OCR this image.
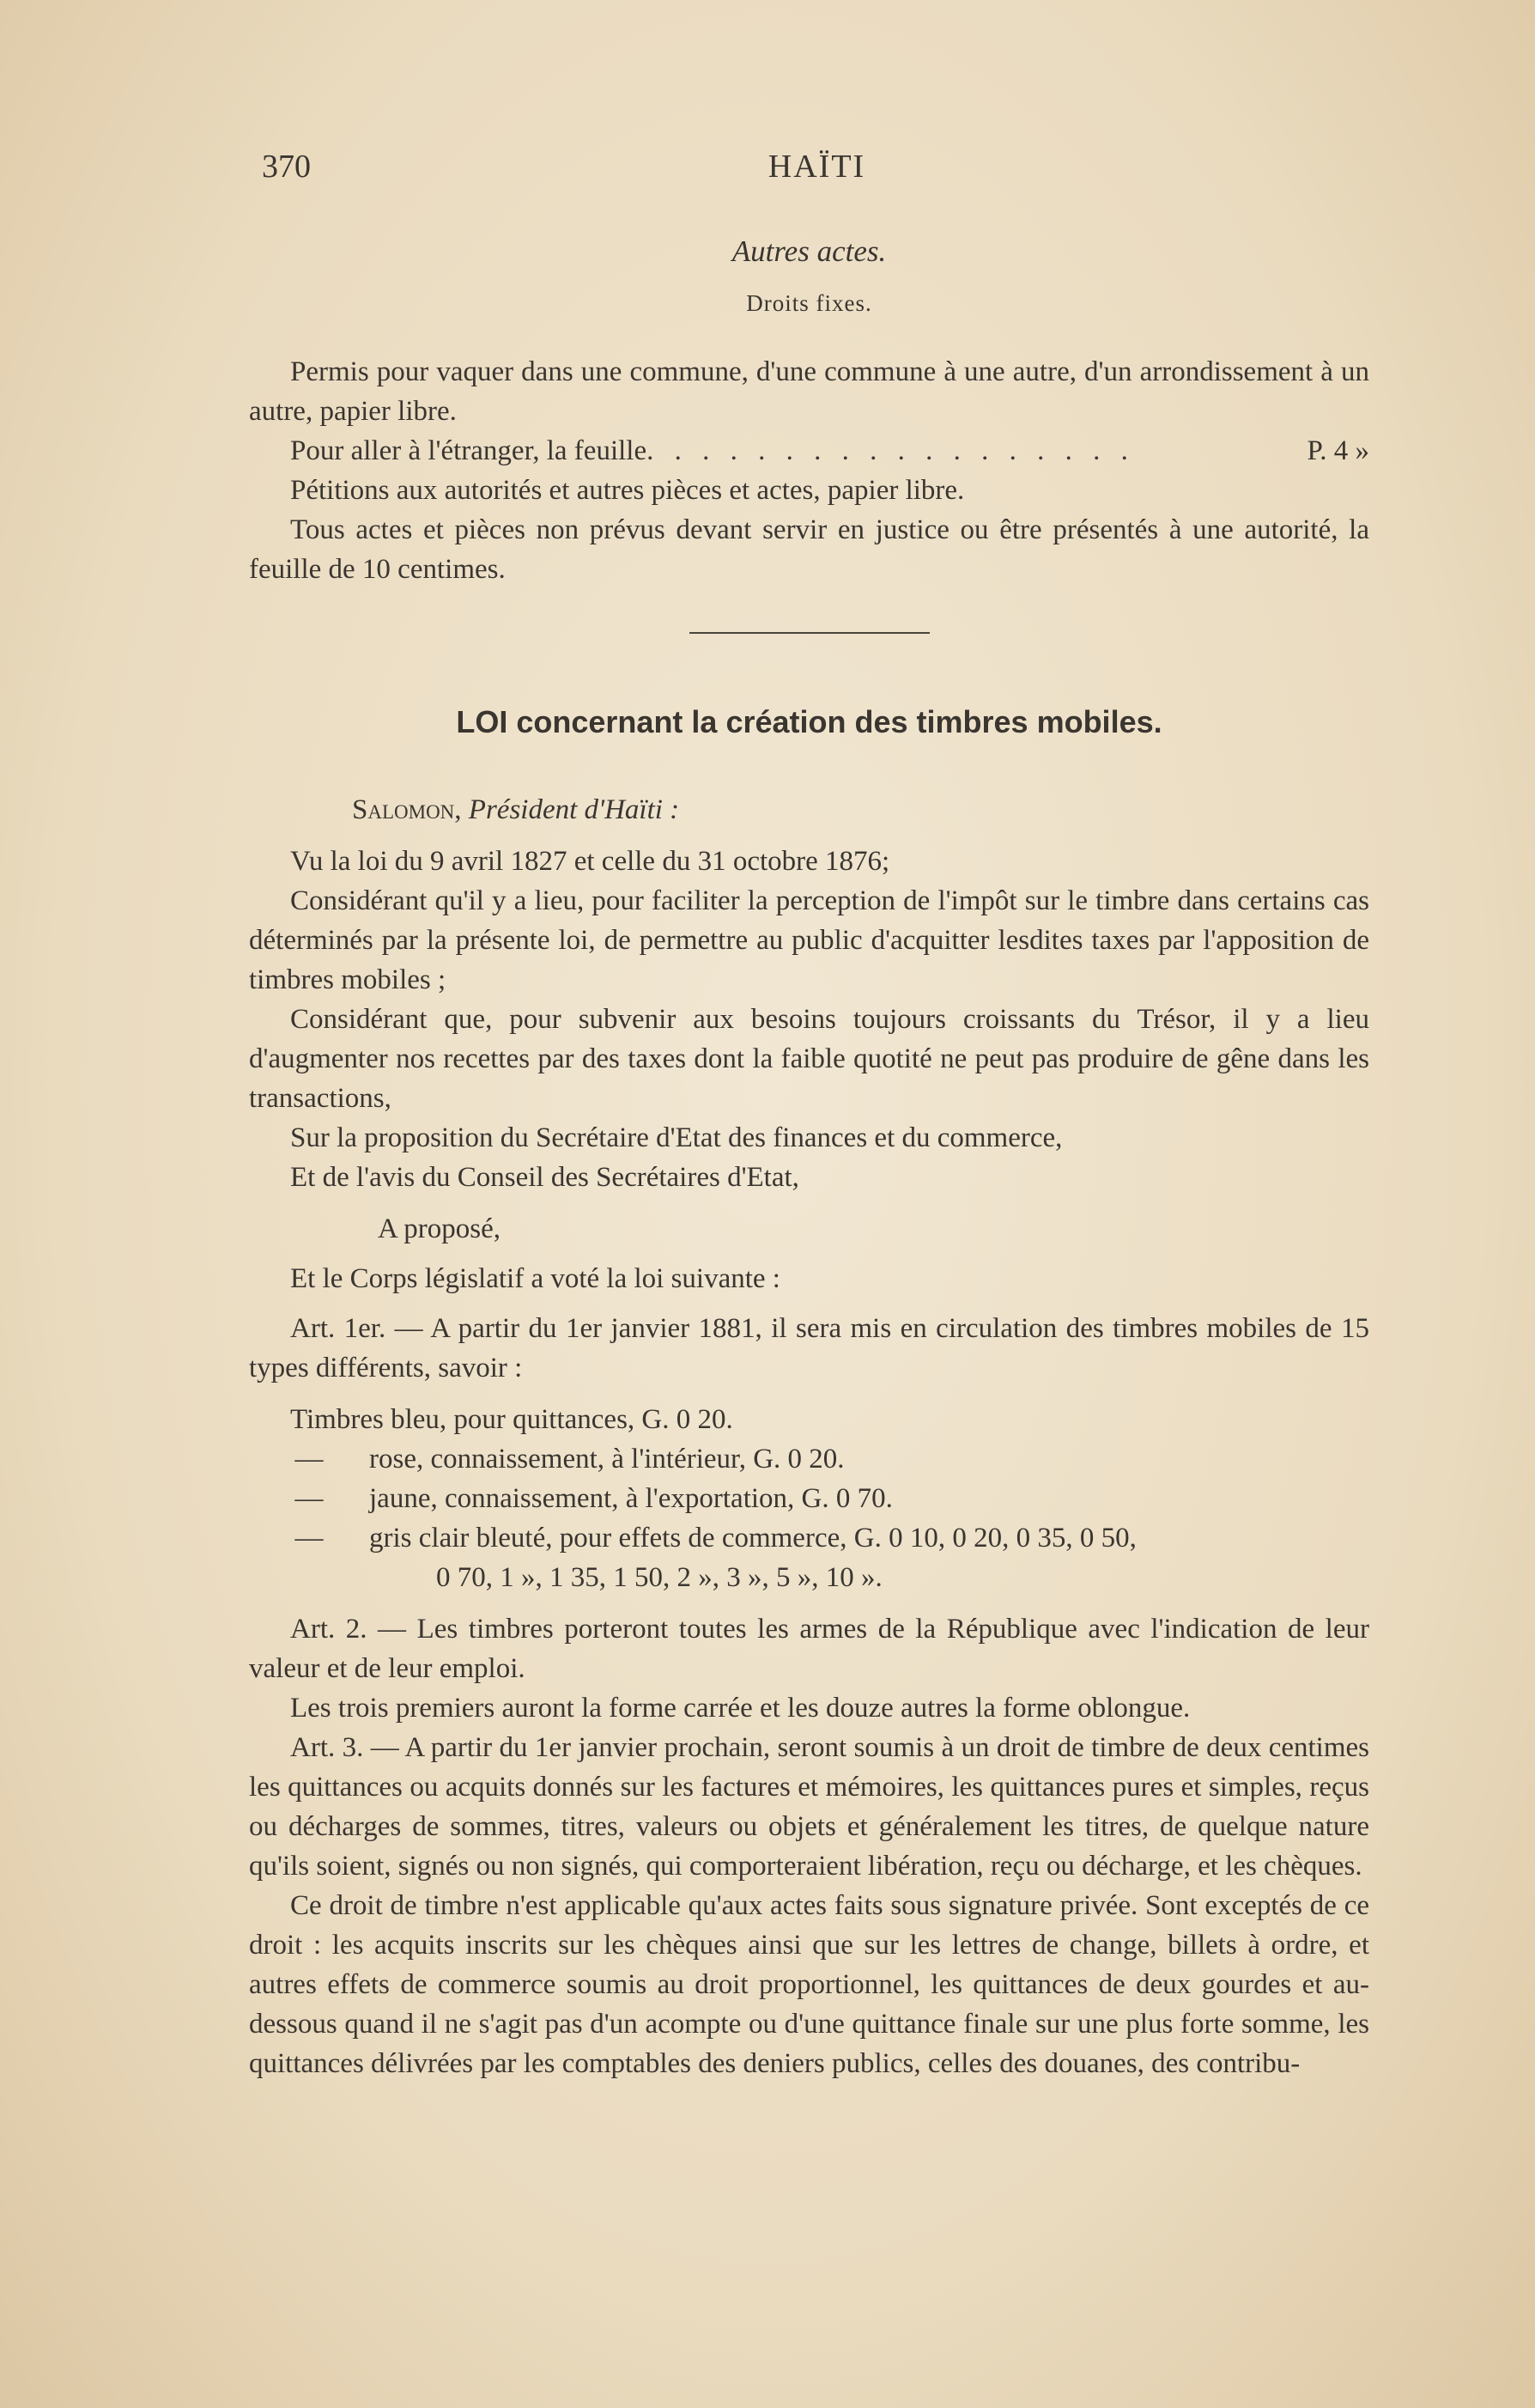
370	HAÏTI
Autres actes.
Droits fixes.

Permis pour vaquer dans une commune, d'une commune à une autre, d'un arrondissement à un autre, papier libre.

Pour aller à l'étranger, la feuille . . . . . . . . . . . . . . . . . .	P. 4 »

Pétitions aux autorités et autres pièces et actes, papier libre.

Tous actes et pièces non prévus devant servir en justice ou être présentés à une autorité, la feuille de 10 centimes.

LOI concernant la création des timbres mobiles.

Salomon, Président d'Haïti :

Vu la loi du 9 avril 1827 et celle du 31 octobre 1876;

Considérant qu'il y a lieu, pour faciliter la perception de l'impôt sur le timbre dans certains cas déterminés par la présente loi, de permettre au public d'acquitter lesdites taxes par l'apposition de timbres mobiles ;

Considérant que, pour subvenir aux besoins toujours croissants du Trésor, il y a lieu d'augmenter nos recettes par des taxes dont la faible quotité ne peut pas produire de gêne dans les transactions,

Sur la proposition du Secrétaire d'Etat des finances et du commerce,

Et de l'avis du Conseil des Secrétaires d'Etat,

A proposé,

Et le Corps législatif a voté la loi suivante :

Art. 1er. — A partir du 1er janvier 1881, il sera mis en circulation des timbres mobiles de 15 types différents, savoir :

Timbres bleu, pour quittances, G. 0 20.
—	rose, connaissement, à l'intérieur, G. 0 20.
—	jaune, connaissement, à l'exportation, G. 0 70.
—	gris clair bleuté, pour effets de commerce, G. 0 10, 0 20, 0 35, 0 50,
0 70, 1 », 1 35, 1 50, 2 », 3 », 5 », 10 ».

Art. 2. — Les timbres porteront toutes les armes de la République avec l'indication de leur valeur et de leur emploi.

Les trois premiers auront la forme carrée et les douze autres la forme oblongue.

Art. 3. — A partir du 1er janvier prochain, seront soumis à un droit de timbre de deux centimes les quittances ou acquits donnés sur les factures et mémoires, les quittances pures et simples, reçus ou décharges de sommes, titres, valeurs ou objets et généralement les titres, de quelque nature qu'ils soient, signés ou non signés, qui comporteraient libération, reçu ou décharge, et les chèques.

Ce droit de timbre n'est applicable qu'aux actes faits sous signature privée. Sont exceptés de ce droit : les acquits inscrits sur les chèques ainsi que sur les lettres de change, billets à ordre, et autres effets de commerce soumis au droit proportionnel, les quittances de deux gourdes et au-dessous quand il ne s'agit pas d'un acompte ou d'une quittance finale sur une plus forte somme, les quittances délivrées par les comptables des deniers publics, celles des douanes, des contribu-
